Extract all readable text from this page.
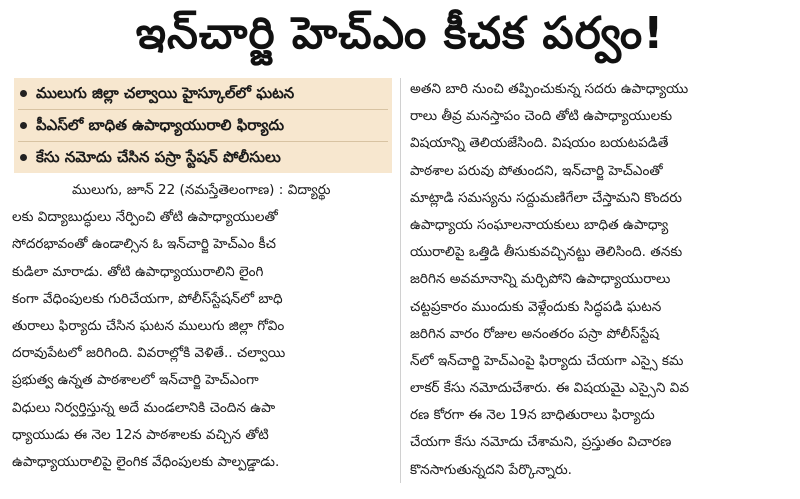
ఇన్‌చార్జి హెచ్‌ఎం కీచక పర్వం!
ములుగు జిల్లా చల్వాయి హైస్కూల్‌లో ఘటన
పీఎస్‌లో బాధిత ఉపాధ్యాయురాలి ఫిర్యాదు
కేసు నమోదు చేసిన పస్రా స్టేషన్ పోలీసులు
ములుగు, జూన్ 22 (నమస్తేతెలంగాణ) : విద్యార్థు
లకు విద్యాబుద్ధులు నేర్పించి తోటి ఉపాధ్యాయులతో
సోదరభావంతో ఉండాల్సిన ఓ ఇన్‌చార్జి హెచ్‌ఎం కీచ
కుడిలా మారాడు. తోటి ఉపాధ్యాయురాలిని లైంగి
కంగా వేధింపులకు గురిచేయగా, పోలీస్‌స్టేషన్‌లో బాధి
తురాలు ఫిర్యాదు చేసిన ఘటన ములుగు జిల్లా గోవిం
దరావుపేటలో జరిగింది. వివరాల్లోకి వెళితే.. చల్వాయి
ప్రభుత్వ ఉన్నత పాఠశాలలో ఇన్‌చార్జి హెచ్‌ఎంగా
విధులు నిర్వర్తిస్తున్న అదే మండలానికి చెందిన ఉపా
ధ్యాయుడు ఈ నెల 12న పాఠశాలకు వచ్చిన తోటి
ఉపాధ్యాయురాలిపై లైంగిక వేధింపులకు పాల్పడ్డాడు.
అతని బారి నుంచి తప్పించుకున్న సదరు ఉపాధ్యాయు
రాలు తీవ్ర మనస్తాపం చెంది తోటి ఉపాధ్యాయులకు
విషయాన్ని తెలియజేసింది. విషయం బయటపడితే
పాఠశాల పరువు పోతుందని, ఇన్‌చార్జి హెచ్‌ఎంతో
మాట్లాడి సమస్యను సద్దుమణిగేలా చేస్తామని కొందరు
ఉపాధ్యాయ సంఘాలనాయకులు బాధిత ఉపాధ్యా
యురాలిపై ఒత్తిడి తీసుకువచ్చినట్టు తెలిసింది. తనకు
జరిగిన అవమానాన్ని మర్చిపోని ఉపాధ్యాయురాలు
చట్టప్రకారం ముందుకు వెళ్లేందుకు సిద్ధపడి ఘటన
జరిగిన వారం రోజుల అనంతరం పస్రా పోలీస్‌స్టేష
న్‌లో ఇన్‌చార్జి హెచ్‌ఎంపై ఫిర్యాదు చేయగా ఎస్సై కమ
లాకర్ కేసు నమోదుచేశారు. ఈ విషయమై ఎస్సైని వివ
రణ కోరగా ఈ నెల 19న బాధితురాలు ఫిర్యాదు
చేయగా కేసు నమోదు చేశామని, ప్రస్తుతం విచారణ
కొనసాగుతున్నదని పేర్కొన్నారు.
